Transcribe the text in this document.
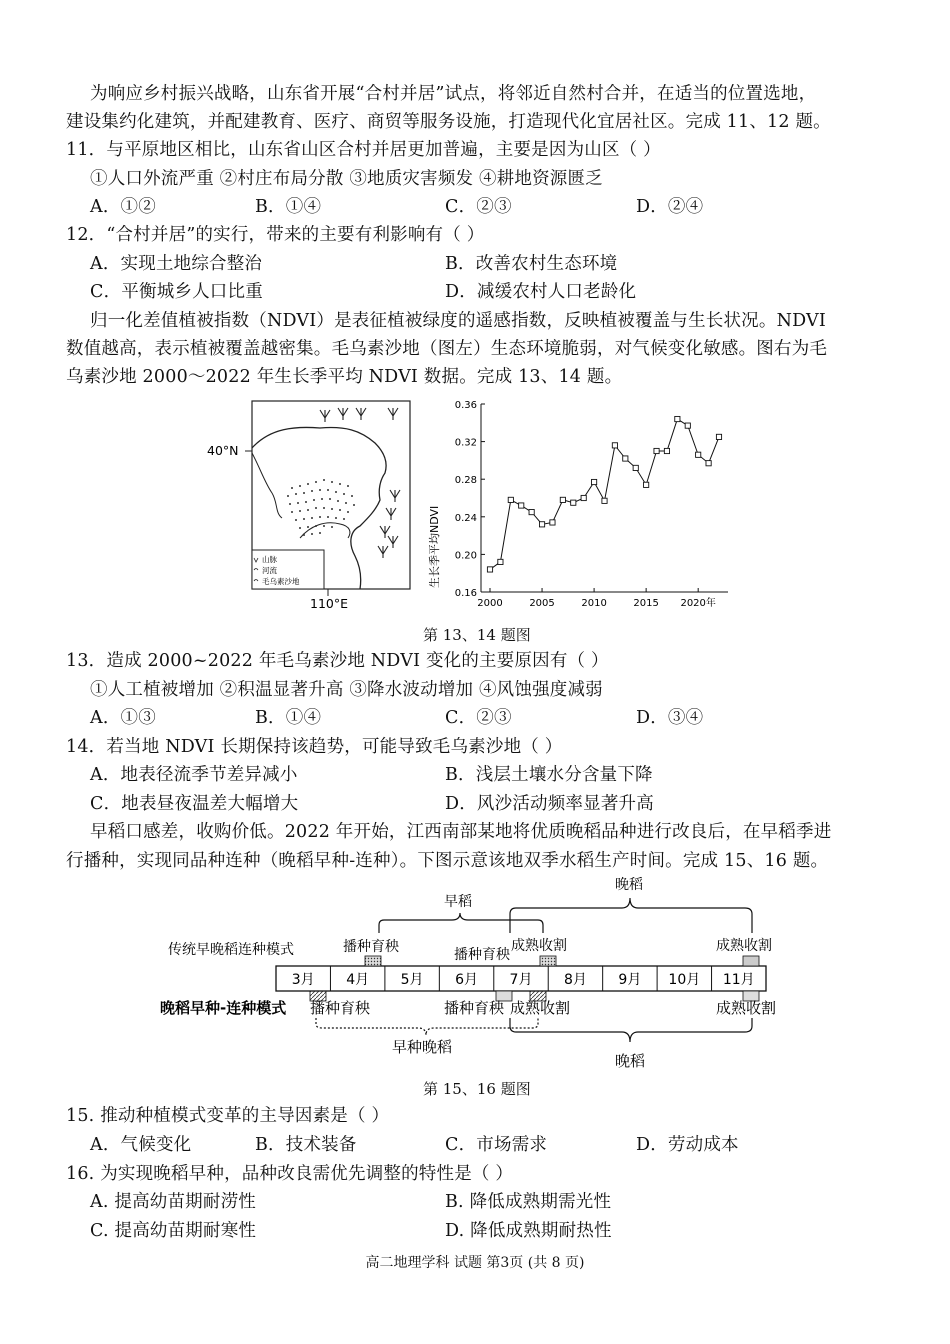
为响应乡村振兴战略，山东省开展“合村并居”试点，将邻近自然村合并，在适当的位置选地，
建设集约化建筑，并配建教育、医疗、商贸等服务设施，打造现代化宜居社区。完成 11、12 题。
11．与平原地区相比，山东省山区合村并居更加普遍，主要是因为山区（ ）
①人口外流严重 ②村庄布局分散 ③地质灾害频发 ④耕地资源匮乏
A．①②	B．①④	C．②③	D．②④
12．“合村并居”的实行，带来的主要有利影响有（ ）
A．实现土地综合整治	B．改善农村生态环境
C．平衡城乡人口比重	D．减缓农村人口老龄化
归一化差值植被指数（NDVI）是表征植被绿度的遥感指数，反映植被覆盖与生长状况。NDVI
数值越高，表示植被覆盖越密集。毛乌素沙地（图左）生态环境脆弱，对气候变化敏感。图右为毛
乌素沙地 2000～2022 年生长季平均 NDVI 数据。完成 13、14 题。
山脉
河流
毛乌素沙地
40°N
110°E
0.16
0.20
0.24
0.28
0.32
0.36
2000	2005	2010	2015 2020年
生长季平均NDVI
第 13、14 题图
13．造成 2000~2022 年毛乌素沙地 NDVI 变化的主要原因有（ ）
①人工植被增加 ②积温显著升高 ③降水波动增加 ④风蚀强度减弱
A．①③	B．①④	C．②③	D．③④
14．若当地 NDVI 长期保持该趋势，可能导致毛乌素沙地（ ）
A．地表径流季节差异减小	B．浅层土壤水分含量下降
C．地表昼夜温差大幅增大	D．风沙活动频率显著升高
早稻口感差，收购价低。2022 年开始，江西南部某地将优质晚稻品种进行改良后，在早稻季进
行播种，实现同品种连种（晚稻早种-连种）。下图示意该地双季水稻生产时间。完成 15、16 题。
3月 4月 5月 6月 7月 8月 9月 10月 11月
传统早晚稻连种模式
晚稻早种-连种模式
播种育秧	播种育秧
成熟收割	成熟收割
早稻
晚稻
播种育秧	播种育秧 成熟收割	成熟收割
早种晚稻
晚稻
第 15、16 题图
15. 推动种植模式变革的主导因素是（ ）
A．气候变化	B．技术装备	C．市场需求	D．劳动成本
16. 为实现晚稻早种，品种改良需优先调整的特性是（ ）
A. 提高幼苗期耐涝性	B. 降低成熟期需光性
C. 提高幼苗期耐寒性	D. 降低成熟期耐热性
高二地理学科 试题 第3页 (共 8 页)
